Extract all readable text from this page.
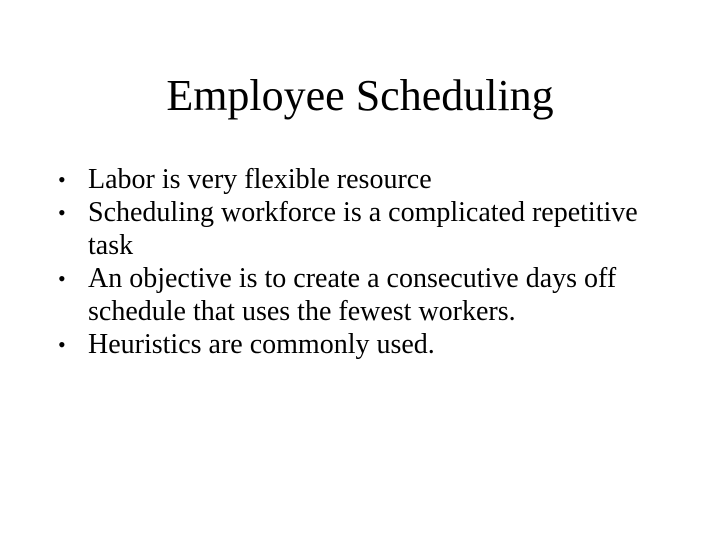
Employee Scheduling
• Labor is very flexible resource
• Scheduling workforce is a complicated repetitive task
• An objective is to create a consecutive days off schedule that uses the fewest workers.
• Heuristics are commonly used.
